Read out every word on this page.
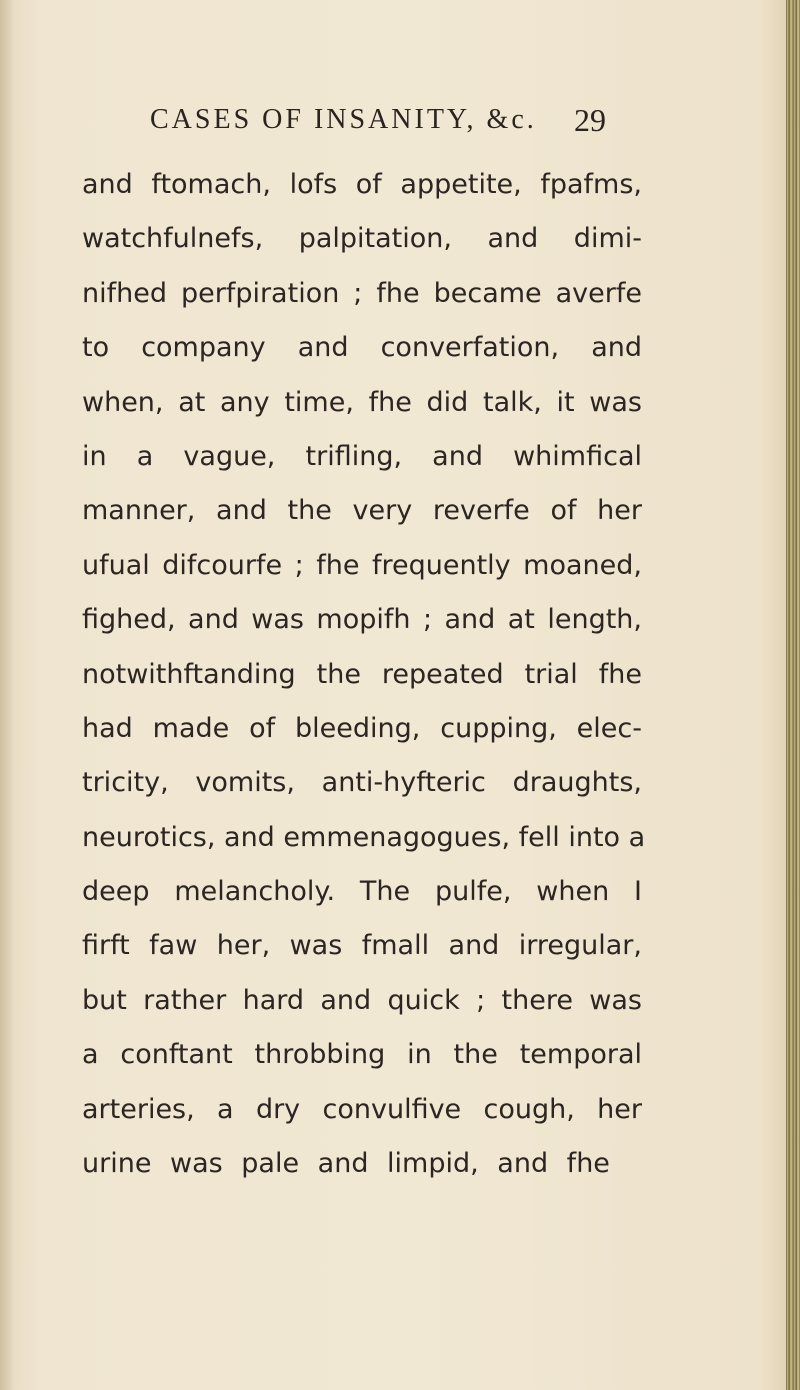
CASES OF INSANITY, &c. 29
and ftomach, lofs of appetite, fpafms,
watchfulnefs, palpitation, and dimi-
nifhed perfpiration ; fhe became averfe
to company and converfation, and
when, at any time, fhe did talk, it was
in a vague, trifling, and whimfical
manner, and the very reverfe of her
ufual difcourfe ; fhe frequently moaned,
fighed, and was mopifh ; and at length,
notwithftanding the repeated trial fhe
had made of bleeding, cupping, elec-
tricity, vomits, anti-hyfteric draughts,
neurotics, and emmenagogues, fell into a
deep melancholy. The pulfe, when I
firft faw her, was fmall and irregular,
but rather hard and quick ; there was
a conftant throbbing in the temporal
arteries, a dry convulfive cough, her
urine was pale and limpid, and fhe
